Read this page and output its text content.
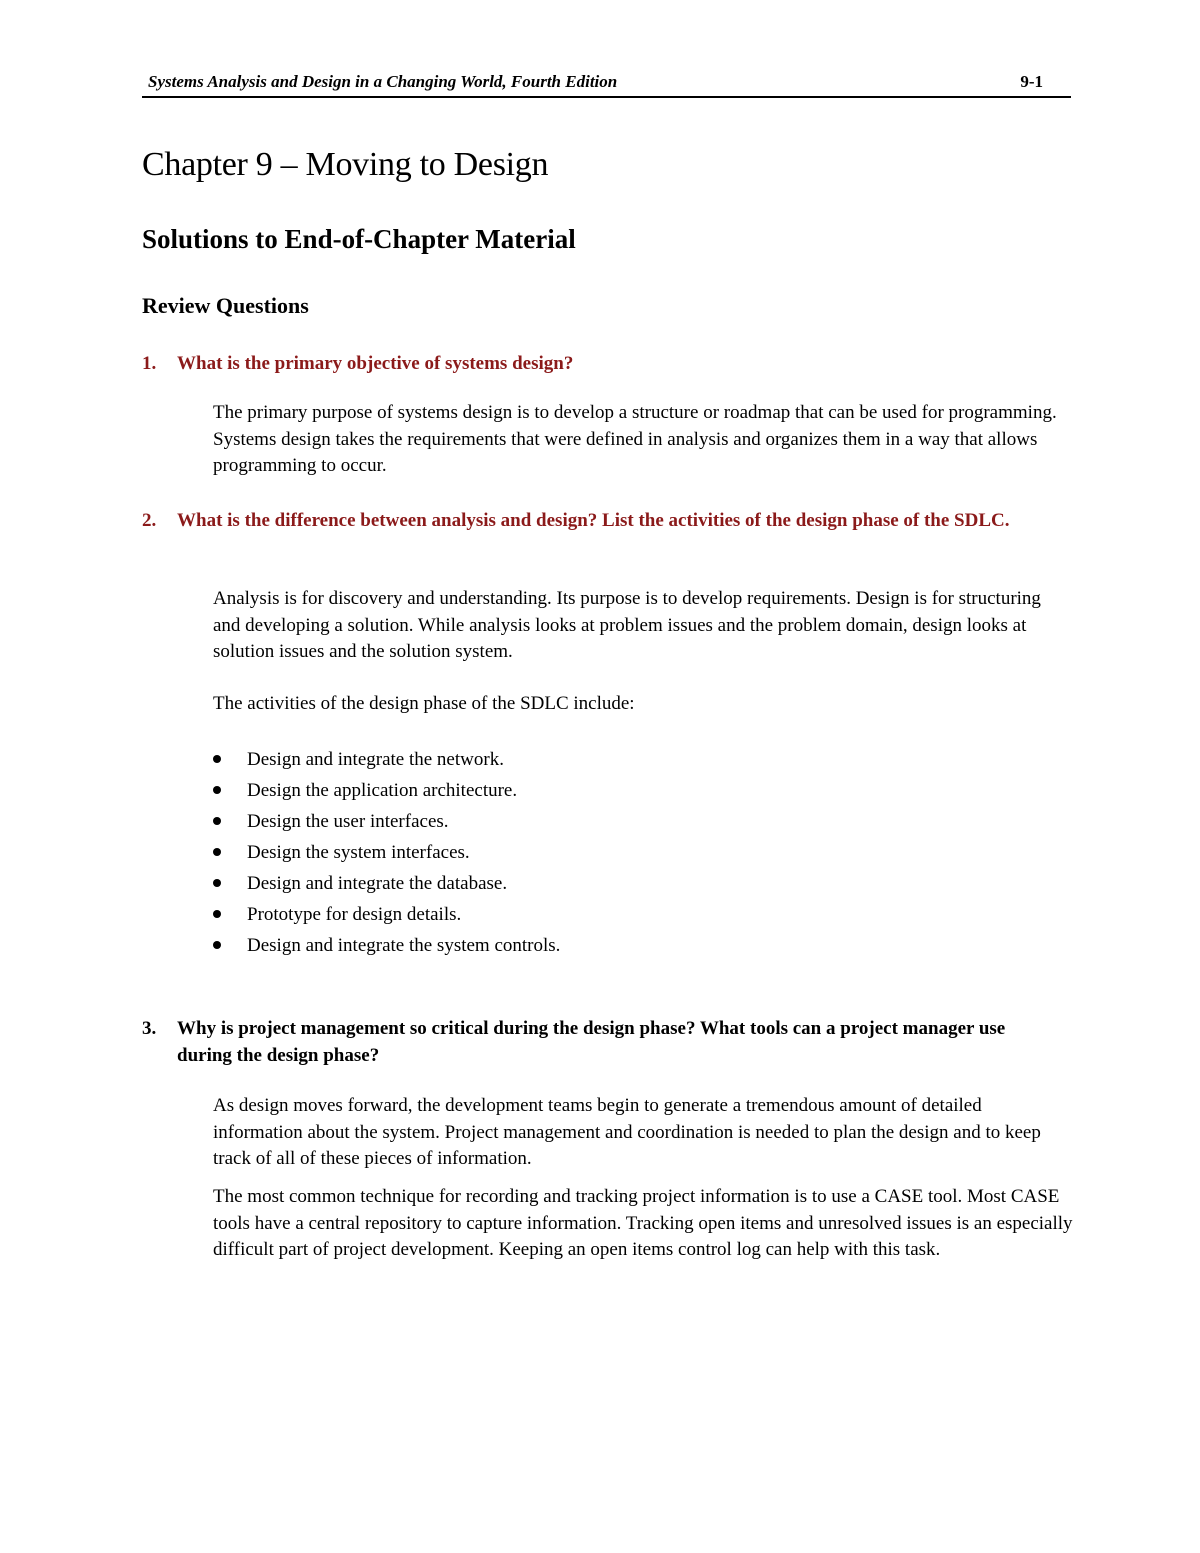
Systems Analysis and Design in a Changing World, Fourth Edition	9-1
Chapter 9 – Moving to Design
Solutions to End-of-Chapter Material
Review Questions
1.	What is the primary objective of systems design?

The primary purpose of systems design is to develop a structure or roadmap that can be used for programming. Systems design takes the requirements that were defined in analysis and organizes them in a way that allows programming to occur.

2.	What is the difference between analysis and design? List the activities of the design phase of the SDLC.

Analysis is for discovery and understanding. Its purpose is to develop requirements. Design is for structuring and developing a solution. While analysis looks at problem issues and the problem domain, design looks at solution issues and the solution system.

The activities of the design phase of the SDLC include:

Design and integrate the network.
Design the application architecture.
Design the user interfaces.
Design the system interfaces.
Design and integrate the database.
Prototype for design details.
Design and integrate the system controls.
3.	Why is project management so critical during the design phase? What tools can a project manager use during the design phase?

As design moves forward, the development teams begin to generate a tremendous amount of detailed information about the system. Project management and coordination is needed to plan the design and to keep track of all of these pieces of information.

The most common technique for recording and tracking project information is to use a CASE tool. Most CASE tools have a central repository to capture information. Tracking open items and unresolved issues is an especially difficult part of project development. Keeping an open items control log can help with this task.
